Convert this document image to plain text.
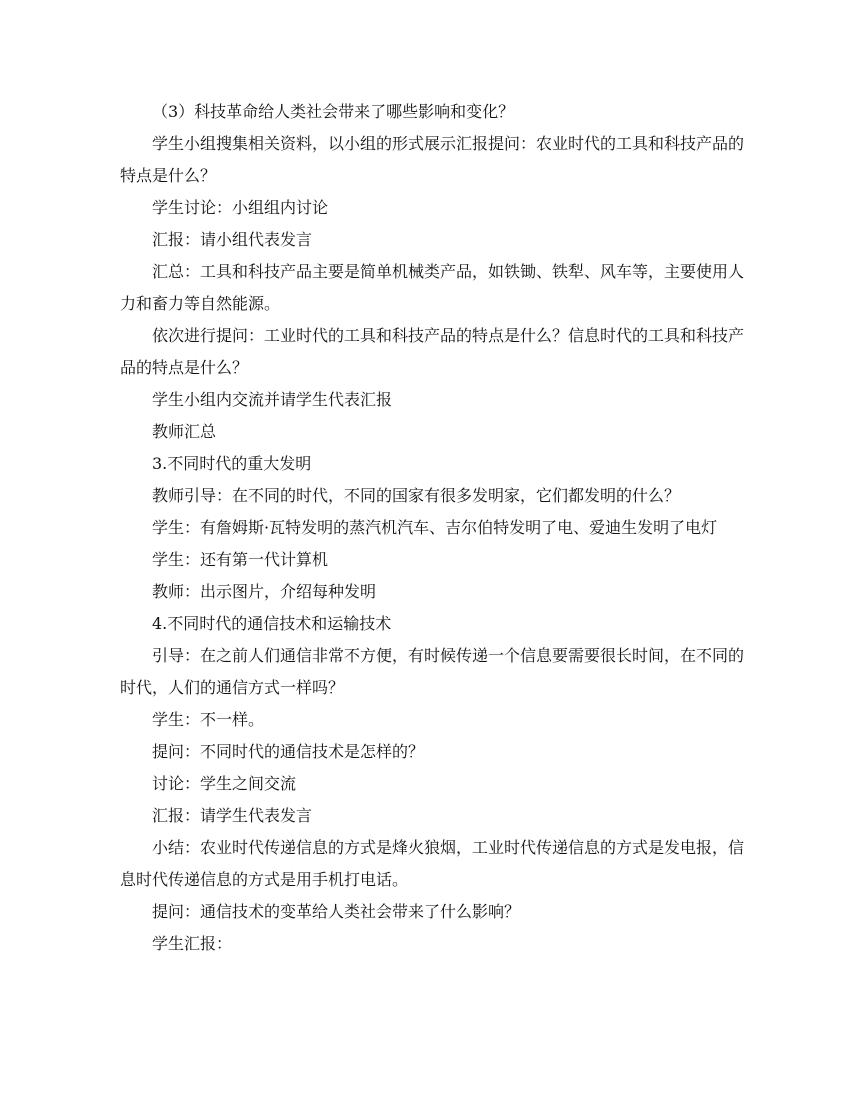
（3）科技革命给人类社会带来了哪些影响和变化？

学生小组搜集相关资料，以小组的形式展示汇报提问：农业时代的工具和科技产品的特点是什么？

学生讨论：小组组内讨论

汇报：请小组代表发言

汇总：工具和科技产品主要是简单机械类产品，如铁锄、铁犁、风车等，主要使用人力和畜力等自然能源。

依次进行提问：工业时代的工具和科技产品的特点是什么？信息时代的工具和科技产品的特点是什么？

学生小组内交流并请学生代表汇报

教师汇总

3.不同时代的重大发明

教师引导：在不同的时代，不同的国家有很多发明家，它们都发明的什么？

学生：有詹姆斯·瓦特发明的蒸汽机汽车、吉尔伯特发明了电、爱迪生发明了电灯

学生：还有第一代计算机

教师：出示图片，介绍每种发明

4.不同时代的通信技术和运输技术

引导：在之前人们通信非常不方便，有时候传递一个信息要需要很长时间，在不同的时代，人们的通信方式一样吗？

学生：不一样。

提问：不同时代的通信技术是怎样的？

讨论：学生之间交流

汇报：请学生代表发言

小结：农业时代传递信息的方式是烽火狼烟，工业时代传递信息的方式是发电报，信息时代传递信息的方式是用手机打电话。

提问：通信技术的变革给人类社会带来了什么影响？

学生汇报：
